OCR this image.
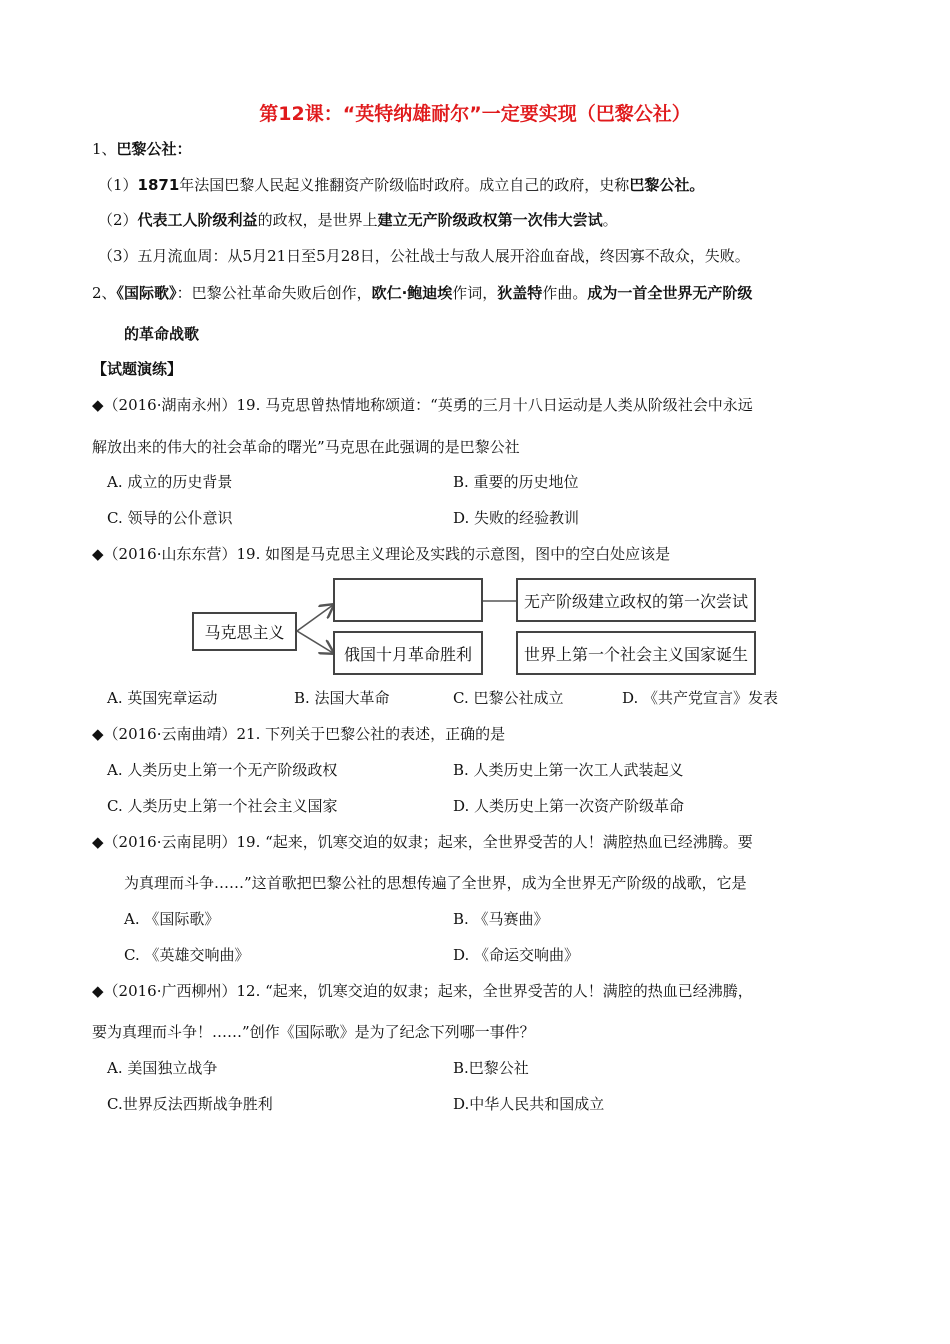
第12课：“英特纳雄耐尔”一定要实现（巴黎公社）
1、巴黎公社：
（1）1871年法国巴黎人民起义推翻资产阶级临时政府。成立自己的政府，史称巴黎公社。
（2）代表工人阶级利益的政权，是世界上建立无产阶级政权第一次伟大尝试。
（3）五月流血周：从5月21日至5月28日，公社战士与敌人展开浴血奋战，终因寡不敌众，失败。
2、《国际歌》：巴黎公社革命失败后创作，欧仁·鲍迪埃作词，狄盖特作曲。成为一首全世界无产阶级
的革命战歌
【试题演练】
◆（2016·湖南永州）19. 马克思曾热情地称颂道：“英勇的三月十八日运动是人类从阶级社会中永远
解放出来的伟大的社会革命的曙光”马克思在此强调的是巴黎公社
A. 成立的历史背景	B. 重要的历史地位
C. 领导的公仆意识	D. 失败的经验教训
◆（2016·山东东营）19. 如图是马克思主义理论及实践的示意图，图中的空白处应该是
马克思主义
俄国十月革命胜利
无产阶级建立政权的第一次尝试
世界上第一个社会主义国家诞生
A. 英国宪章运动	B. 法国大革命	C. 巴黎公社成立	D. 《共产党宣言》发表
◆（2016·云南曲靖）21. 下列关于巴黎公社的表述，正确的是
A. 人类历史上第一个无产阶级政权	B. 人类历史上第一次工人武装起义
C. 人类历史上第一个社会主义国家	D. 人类历史上第一次资产阶级革命
◆（2016·云南昆明）19. “起来，饥寒交迫的奴隶；起来，全世界受苦的人！满腔热血已经沸腾。要
为真理而斗争……”这首歌把巴黎公社的思想传遍了全世界，成为全世界无产阶级的战歌，它是
A. 《国际歌》	B. 《马赛曲》
C. 《英雄交响曲》	D. 《命运交响曲》
◆（2016·广西柳州）12. “起来，饥寒交迫的奴隶；起来，全世界受苦的人！满腔的热血已经沸腾，
要为真理而斗争！……”创作《国际歌》是为了纪念下列哪一事件？
A. 美国独立战争	B.巴黎公社
C.世界反法西斯战争胜利	D.中华人民共和国成立
